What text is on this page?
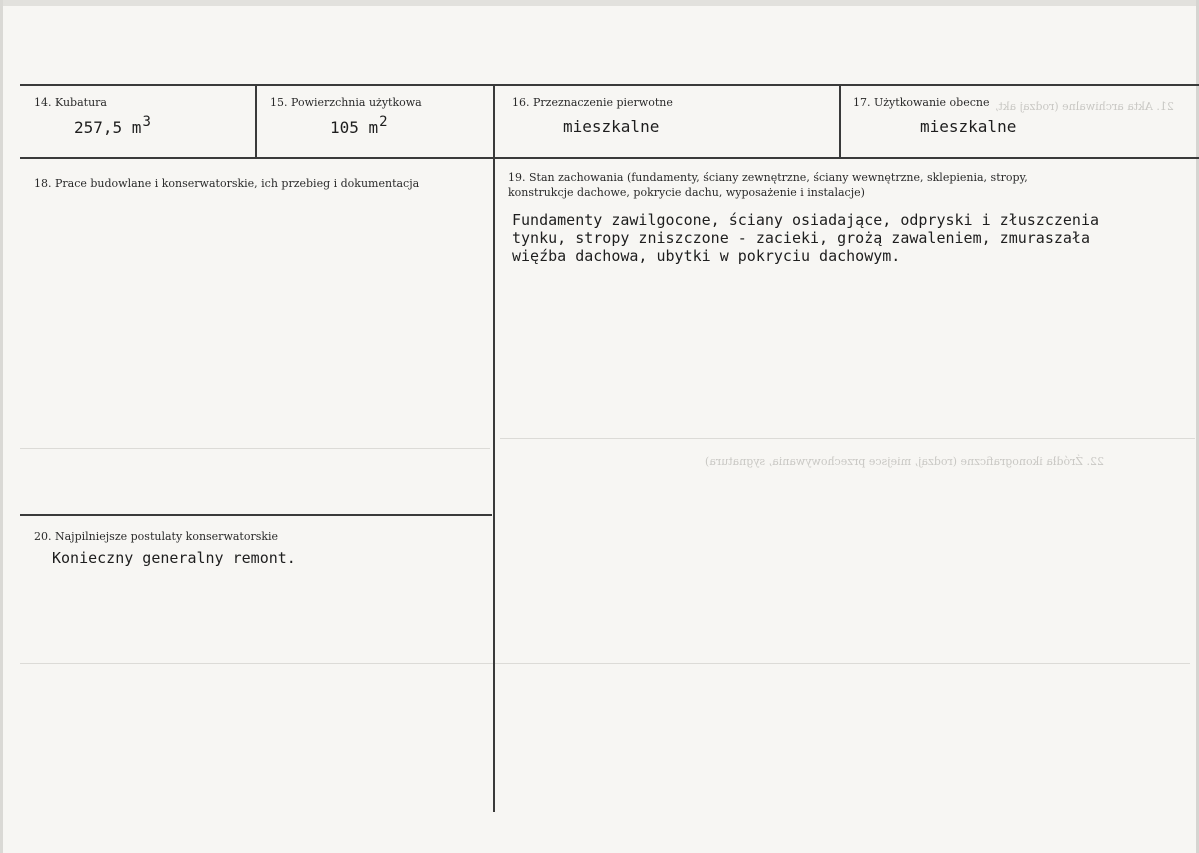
21. Akta archiwalne (rodzaj akt,
22. Źródła ikonograficzne (rodzaj, miejsce przechowywania, sygnatura)
14. Kubatura
257,5 $m^3$
15. Powierzchnia użytkowa
105 $m^2$
16. Przeznaczenie pierwotne
mieszkalne
17. Użytkowanie obecne
mieszkalne
18. Prace budowlane i konserwatorskie, ich przebieg i dokumentacja	19. Stan zachowania (fundamenty, ściany zewnętrzne, ściany wewnętrzne, sklepienia, stropy,
konstrukcje dachowe, pokrycie dachu, wyposażenie i instalacje)
Fundamenty zawilgocone, ściany osiadające, odpryski i złuszczenia
tynku, stropy zniszczone - zacieki, grożą zawaleniem, zmuraszała
więźba dachowa, ubytki w pokryciu dachowym.
20. Najpilniejsze postulaty konserwatorskie
Konieczny generalny remont.
